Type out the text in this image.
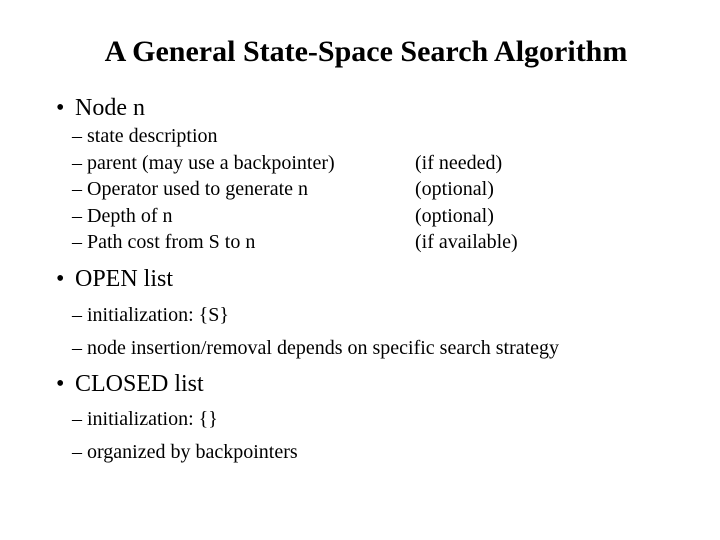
A General State-Space Search Algorithm
• Node n
– state description
– parent (may use a backpointer)	(if needed)
– Operator used to generate n	(optional)
– Depth of n	(optional)
– Path cost from S to n	(if available)
• OPEN list
– initialization: {S}
– node insertion/removal depends on specific search strategy
• CLOSED list
– initialization: {}
– organized by backpointers
